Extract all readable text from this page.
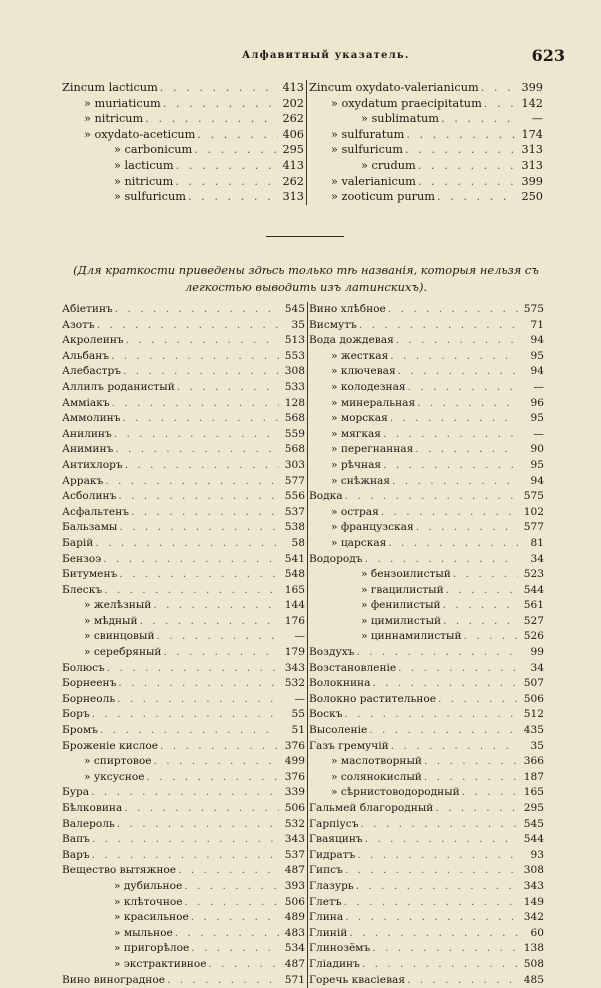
Алфавитный указатель.	623
Zincum lacticum . . .	413
» muriaticum . . .	202
» nitricum . . .	262
» oxydato-aceticum . . .	406
» carbonicum . . .	295
» lacticum . . .	413
» nitricum . . .	262
» sulfuricum . . .	313
Zincum oxydato-valerianicum . . .	399
» oxydatum praecipitatum . . .	142
» sublimatum . . .	—
» sulfuratum . . .	174
» sulfuricum . . .	313
» crudum . . .	313
» valerianicum . . .	399
» zooticum purum . . .	250
(Для краткости приведены здѣсь только тѣ названія, которыя нельзя съ легкостью выводить изъ латинскихъ).
Абіетинъ . . .	545
Азотъ . . .	35
Акролеинъ . . .	513
Альбанъ . . .	553
Алебастръ . . .	308
Аллилъ роданистый . . .	533
Аммiакъ . . .	128
Аммолинъ . . .	568
Анилинъ . . .	559
Аниминъ . . .	568
Антихлоръ . . .	303
Арракъ . . .	577
Асболинъ . . .	556
Асфальтенъ . . .	537
Бальзамы . . .	538
Барій . . .	58
Бензоэ . . .	541
Битуменъ . . .	548
Блескъ . . .	165
» желѣзный . . .	144
» мѣдный . . .	176
» свинцовый . . .	—
» серебряный . . .	179
Болюсъ . . .	343
Борнеенъ . . .	532
Борнеоль . . .	—
Боръ . . .	55
Бромъ . . .	51
Броженіе кислое . . .	376
» спиртовое . . .	499
» уксусное . . .	376
Бура . . .	339
Бѣлковина . . .	506
Валероль . . .	532
Вапъ . . .	343
Варъ . . .	537
Вещество вытяжное . . .	487
» дубильное . . .	393
» клѣточное . . .	506
» красильное . . .	489
» мыльное . . .	483
» пригорѣлое . . .	534
» экстрактивное . . .	487
Вино виноградное . . .	571
Вино хлѣбное . . .	575
Висмутъ . . .	71
Вода дождевая . . .	94
» жесткая . . .	95
» ключевая . . .	94
» колодезная . . .	—
» минеральная . . .	96
» морская . . .	95
» мягкая . . .	—
» перегнанная . . .	90
» рѣчная . . .	95
» снѣжная . . .	94
Водка . . .	575
» острая . . .	102
» французская . . .	577
» царская . . .	81
Водородъ . . .	34
» бензоилистый . . .	523
» гвацилистый . . .	544
» фенилистый . . .	561
» цимилистый . . .	527
» циннамилистый . . .	526
Воздухъ . . .	99
Возстановленіе . . .	34
Волокнина . . .	507
Волокно растительное . . .	506
Воскъ . . .	512
Высоленіе . . .	435
Газъ гремучій . . .	35
» маслотворный . . .	366
» солянокислый . . .	187
» сѣрнистоводородный . . .	165
Гальмей благородный . . .	295
Гарпіусъ . . .	545
Гваяцинъ . . .	544
Гидратъ . . .	93
Гипсъ . . .	308
Глазурь . . .	343
Глетъ . . .	149
Глина . . .	342
Глиній . . .	60
Глинозёмъ . . .	138
Гліадинъ . . .	508
Горечь квасіевая . . .	485
